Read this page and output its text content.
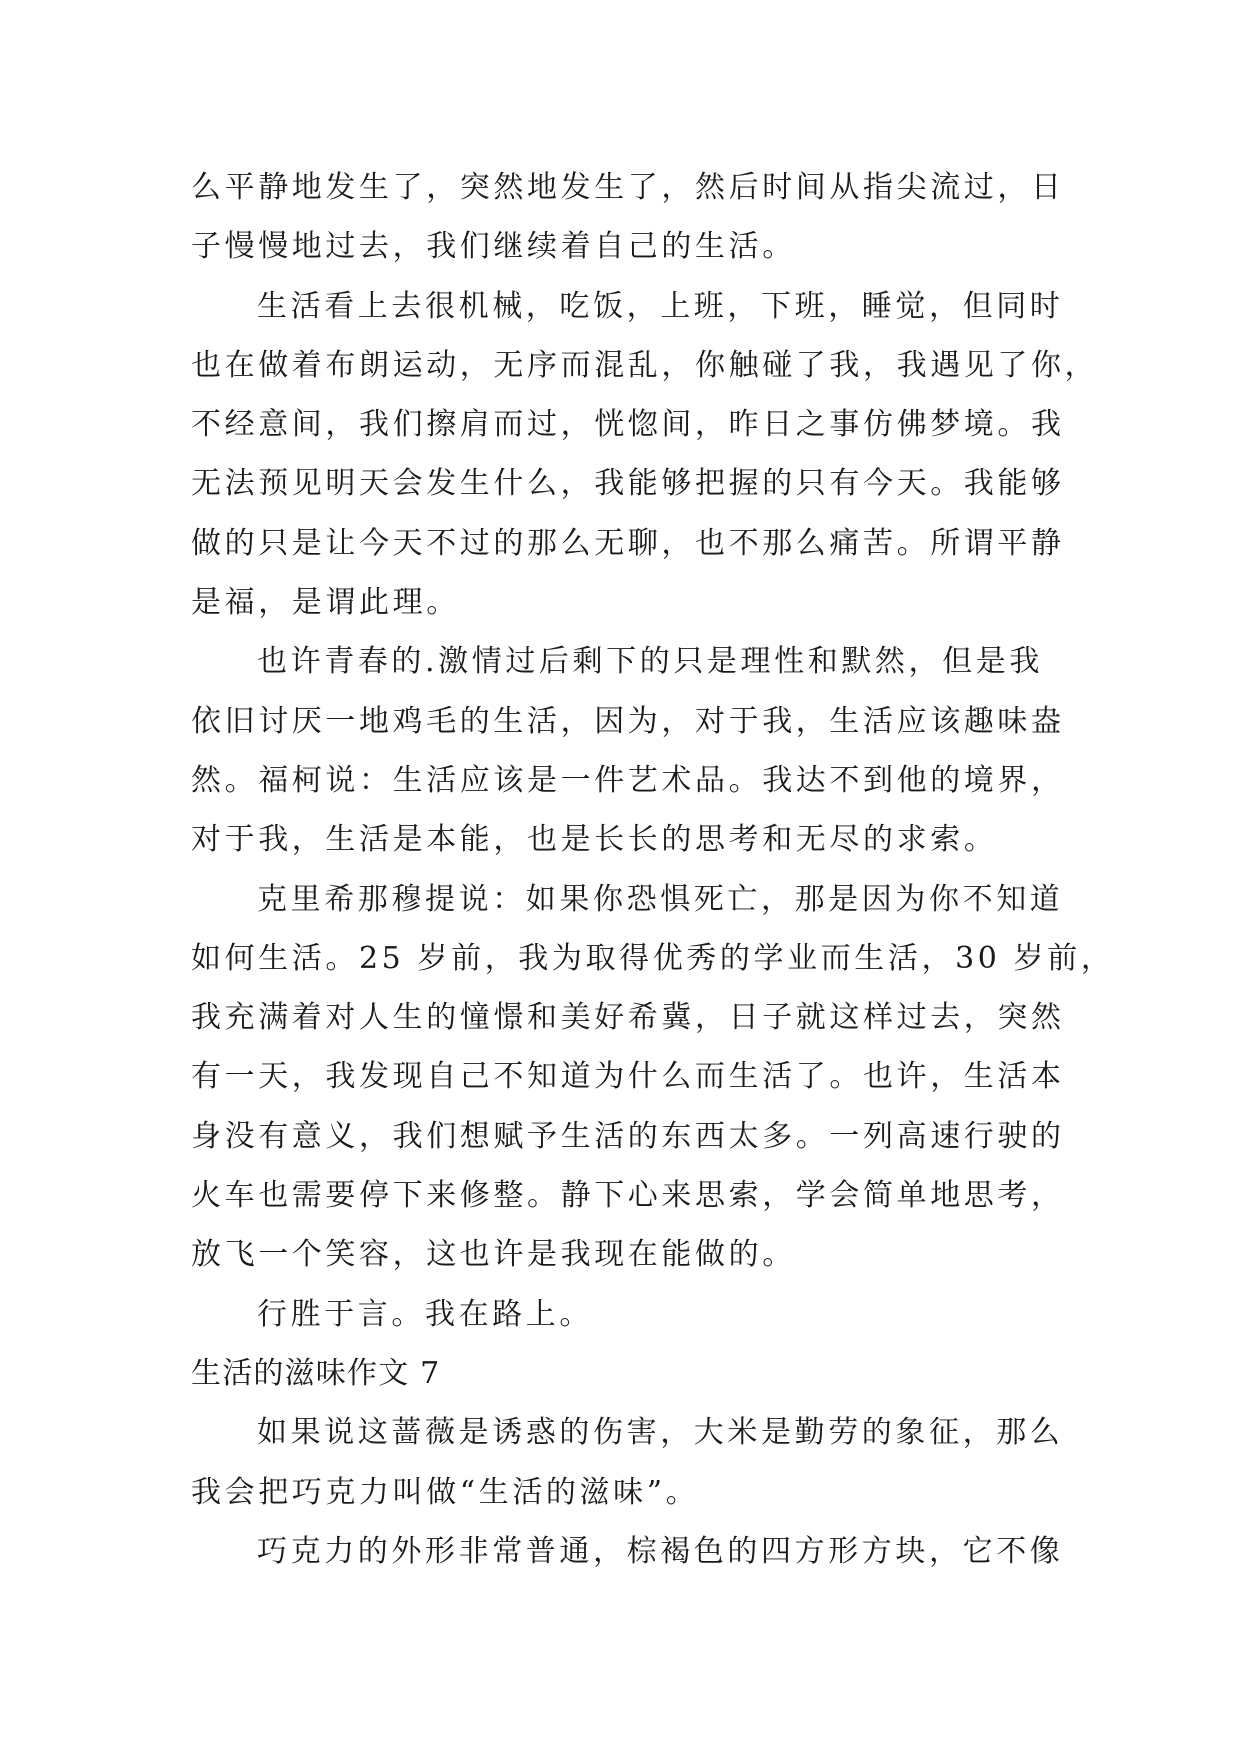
么平静地发生了，突然地发生了，然后时间从指尖流过，日
子慢慢地过去，我们继续着自己的生活。
生活看上去很机械，吃饭，上班，下班，睡觉，但同时
也在做着布朗运动，无序而混乱，你触碰了我，我遇见了你，
不经意间，我们擦肩而过，恍惚间，昨日之事仿佛梦境。我
无法预见明天会发生什么，我能够把握的只有今天。我能够
做的只是让今天不过的那么无聊，也不那么痛苦。所谓平静
是福，是谓此理。
也许青春的.激情过后剩下的只是理性和默然，但是我
依旧讨厌一地鸡毛的生活，因为，对于我，生活应该趣味盎
然。福柯说：生活应该是一件艺术品。我达不到他的境界，
对于我，生活是本能，也是长长的思考和无尽的求索。
克里希那穆提说：如果你恐惧死亡，那是因为你不知道
如何生活。25 岁前，我为取得优秀的学业而生活，30 岁前，
我充满着对人生的憧憬和美好希冀，日子就这样过去，突然
有一天，我发现自己不知道为什么而生活了。也许，生活本
身没有意义，我们想赋予生活的东西太多。一列高速行驶的
火车也需要停下来修整。静下心来思索，学会简单地思考，
放飞一个笑容，这也许是我现在能做的。
行胜于言。我在路上。
生活的滋味作文 7
如果说这蔷薇是诱惑的伤害，大米是勤劳的象征，那么
我会把巧克力叫做“生活的滋味”。
巧克力的外形非常普通，棕褐色的四方形方块，它不像
